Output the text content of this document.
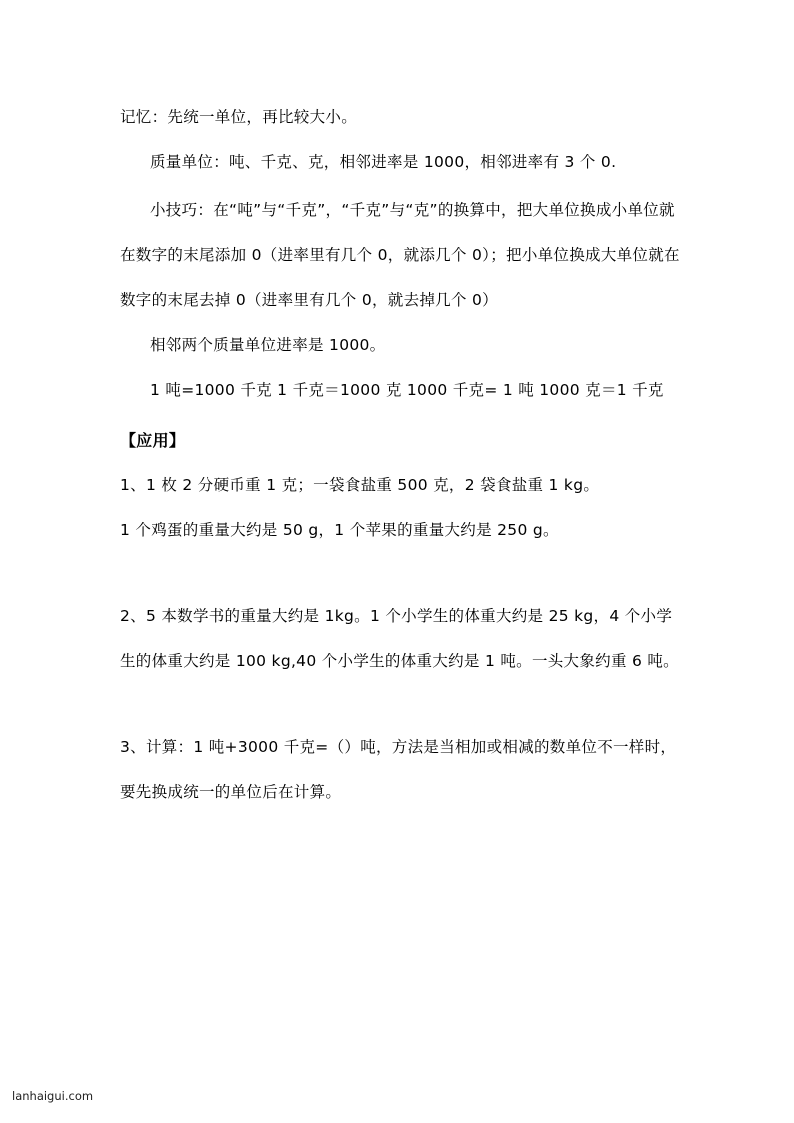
记忆：先统一单位，再比较大小。

质量单位：吨、千克、克，相邻进率是 1000，相邻进率有 3 个 0.

小技巧：在“吨”与“千克”，“千克”与“克”的换算中，把大单位换成小单位就在数字的末尾添加 0（进率里有几个 0，就添几个 0）；把小单位换成大单位就在数字的末尾去掉 0（进率里有几个 0，就去掉几个 0）

相邻两个质量单位进率是 1000。

1 吨=1000 千克 1 千克＝1000 克 1000 千克= 1 吨 1000 克＝1 千克

【应用】

1、1 枚 2 分硬币重 1 克；一袋食盐重 500 克，2 袋食盐重 1 kg。

1 个鸡蛋的重量大约是 50 g，1 个苹果的重量大约是 250 g。

2、5 本数学书的重量大约是 1kg。1 个小学生的体重大约是 25 kg，4 个小学生的体重大约是 100 kg,40 个小学生的体重大约是 1 吨。一头大象约重 6 吨。

3、计算：1 吨+3000 千克=（）吨，方法是当相加或相减的数单位不一样时，要先换成统一的单位后在计算。

lanhaigui.com
